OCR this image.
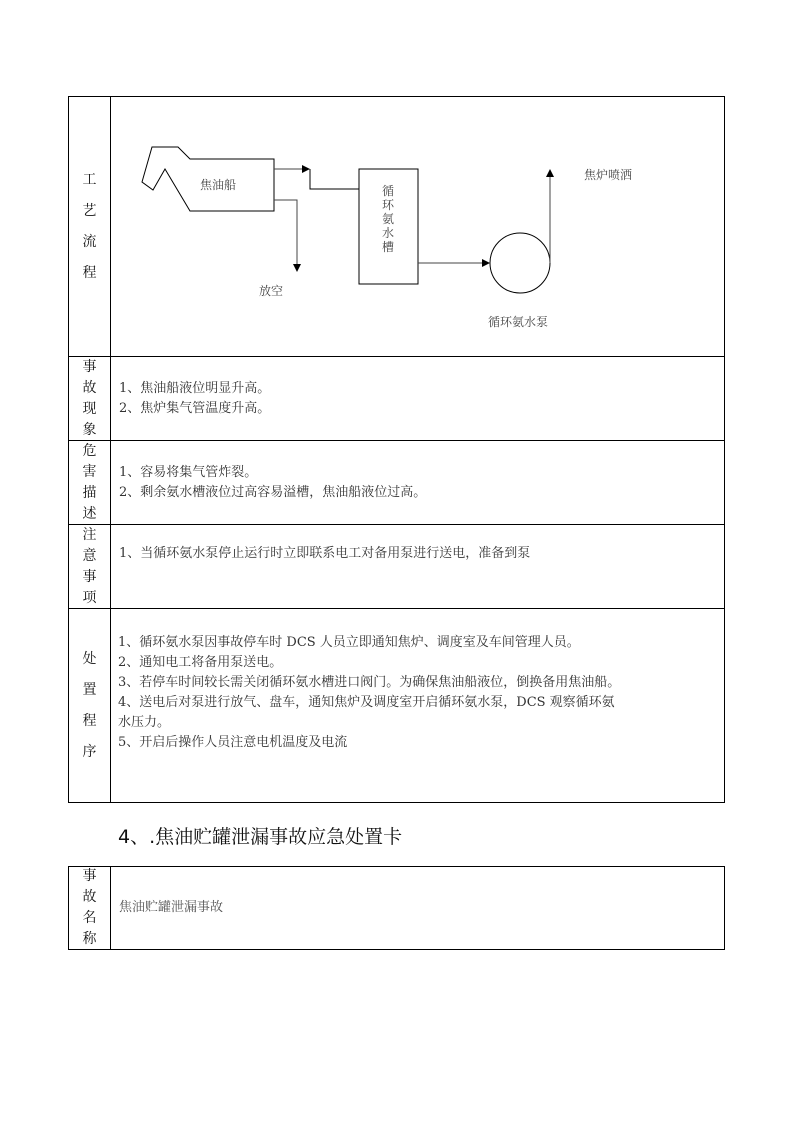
工
艺
流
程
焦油船
放空
循
环
氨
水
槽
焦炉喷洒
循环氨水泵
事
故
现
象
1、焦油船液位明显升高。
2、焦炉集气管温度升高。
危
害
描
述
1、容易将集气管炸裂。
2、剩余氨水槽液位过高容易溢槽，焦油船液位过高。
注
意
事
项
1、当循环氨水泵停止运行时立即联系电工对备用泵进行送电，准备到泵
处
置
程
序
1、循环氨水泵因事故停车时 DCS 人员立即通知焦炉、调度室及车间管理人员。
2、通知电工将备用泵送电。
3、若停车时间较长需关闭循环氨水槽进口阀门。为确保焦油船液位，倒换备用焦油船。
4、送电后对泵进行放气、盘车，通知焦炉及调度室开启循环氨水泵，DCS 观察循环氨
水压力。
5、开启后操作人员注意电机温度及电流
4、.焦油贮罐泄漏事故应急处置卡
事
故
名
称
焦油贮罐泄漏事故
